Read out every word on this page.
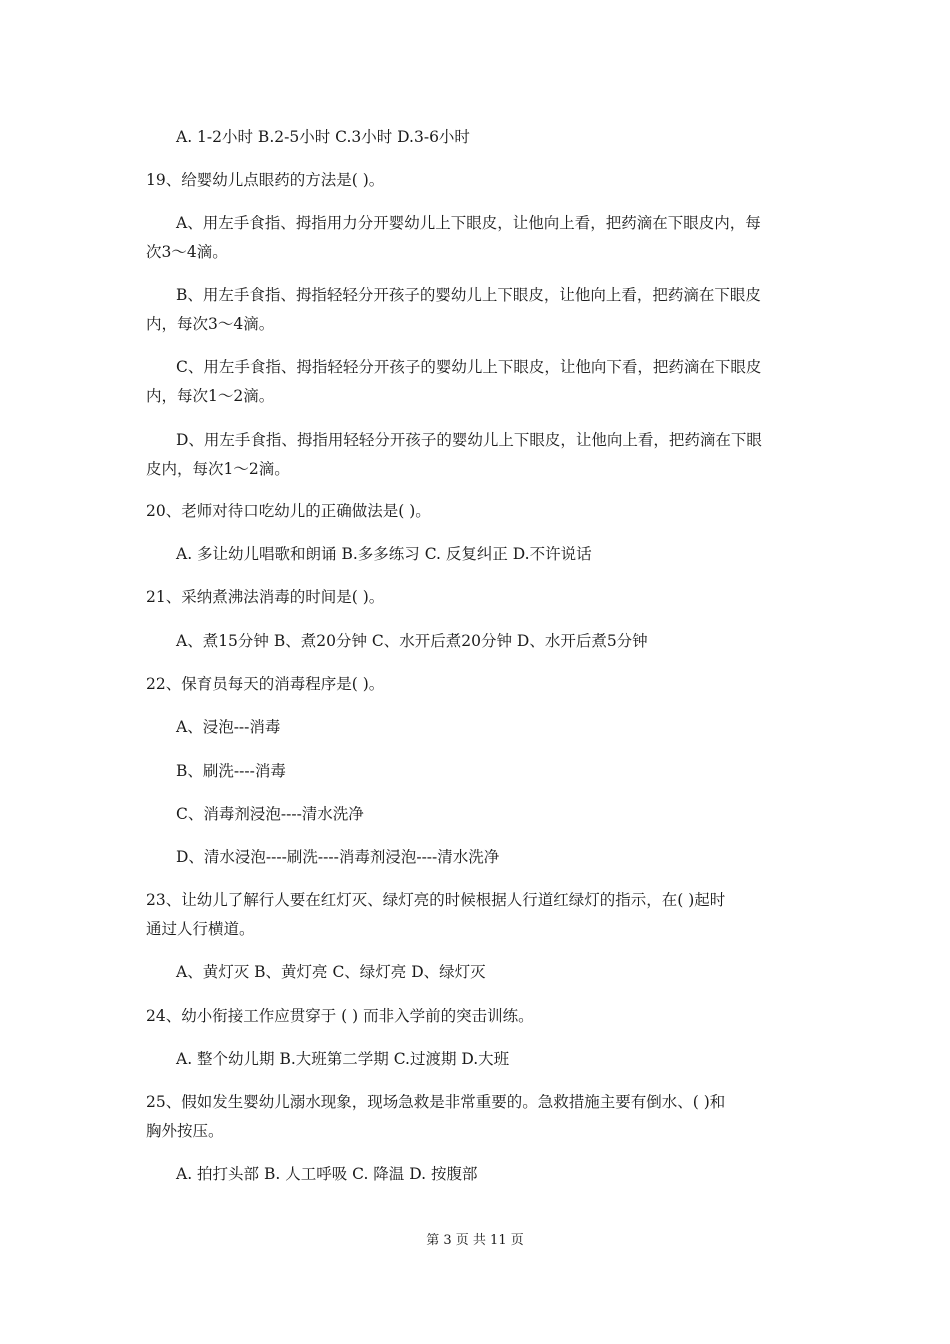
A. 1-2小时 B.2-5小时 C.3小时 D.3-6小时
19、给婴幼儿点眼药的方法是( )。
A、用左手食指、拇指用力分开婴幼儿上下眼皮，让他向上看，把药滴在下眼皮内，每
次3～4滴。
B、用左手食指、拇指轻轻分开孩子的婴幼儿上下眼皮，让他向上看，把药滴在下眼皮
内，每次3～4滴。
C、用左手食指、拇指轻轻分开孩子的婴幼儿上下眼皮，让他向下看，把药滴在下眼皮
内，每次1～2滴。
D、用左手食指、拇指用轻轻分开孩子的婴幼儿上下眼皮，让他向上看，把药滴在下眼
皮内，每次1～2滴。
20、老师对待口吃幼儿的正确做法是( )。
A. 多让幼儿唱歌和朗诵 B.多多练习 C. 反复纠正 D.不许说话
21、采纳煮沸法消毒的时间是( )。
A、煮15分钟 B、煮20分钟 C、水开后煮20分钟 D、水开后煮5分钟
22、保育员每天的消毒程序是( )。
A、浸泡---消毒
B、刷洗----消毒
C、消毒剂浸泡----清水洗净
D、清水浸泡----刷洗----消毒剂浸泡----清水洗净
23、让幼儿了解行人要在红灯灭、绿灯亮的时候根据人行道红绿灯的指示，在( )起时
通过人行横道。
A、黄灯灭 B、黄灯亮 C、绿灯亮 D、绿灯灭
24、幼小衔接工作应贯穿于 ( ) 而非入学前的突击训练。
A. 整个幼儿期 B.大班第二学期 C.过渡期 D.大班
25、假如发生婴幼儿溺水现象，现场急救是非常重要的。急救措施主要有倒水、( )和
胸外按压。
A. 拍打头部 B. 人工呼吸 C. 降温 D. 按腹部
第 3 页 共 11 页
